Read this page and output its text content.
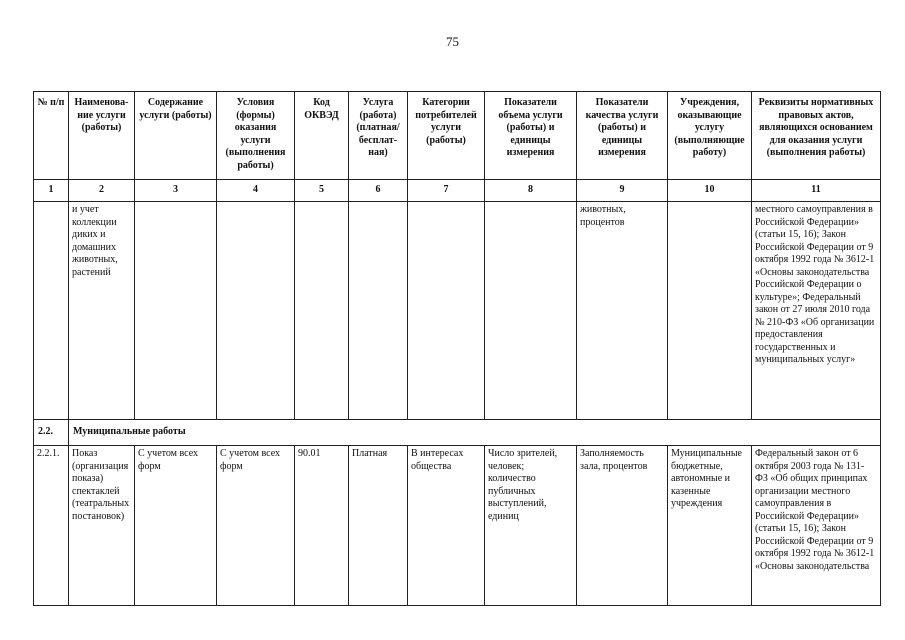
75
№ п/п	Наименова-ние услуги (работы)	Содержание услуги (работы)	Условия (формы) оказания услуги (выполнения работы)	Код ОКВЭД	Услуга (работа) (платная/ бесплат-ная)	Категории потребителей услуги (работы)	Показатели объема услуги (работы) и единицы измерения	Показатели качества услуги (работы) и единицы измерения	Учреждения, оказывающие услугу (выполняющие работу)	Реквизиты нормативных правовых актов, являющихся основанием для оказания услуги (выполнения работы)
1	2	3	4	5	6	7	8	9	10	11
	и учет коллекции диких и домашних животных, растений							животных, процентов		местного самоуправления в Российской Федерации» (статьи 15, 16); Закон Российской Федерации от 9 октября 1992 года № 3612-1 «Основы законодательства Российской Федерации о культуре»; Федеральный закон от 27 июля 2010 года № 210-ФЗ «Об организации предоставления государственных и муниципальных услуг»
2.2.	Муниципальные работы									
2.2.1.	Показ (организация показа) спектаклей (театральных постановок)	С учетом всех форм	С учетом всех форм	90.01	Платная	В интересах общества	Число зрителей, человек; количество публичных выступлений, единиц	Заполняемость зала, процентов	Муниципальные бюджетные, автономные и казенные учреждения	Федеральный закон от 6 октября 2003 года № 131-ФЗ «Об общих принципах организации местного самоуправления в Российской Федерации» (статьи 15, 16); Закон Российской Федерации от 9 октября 1992 года № 3612-1 «Основы законодательства
